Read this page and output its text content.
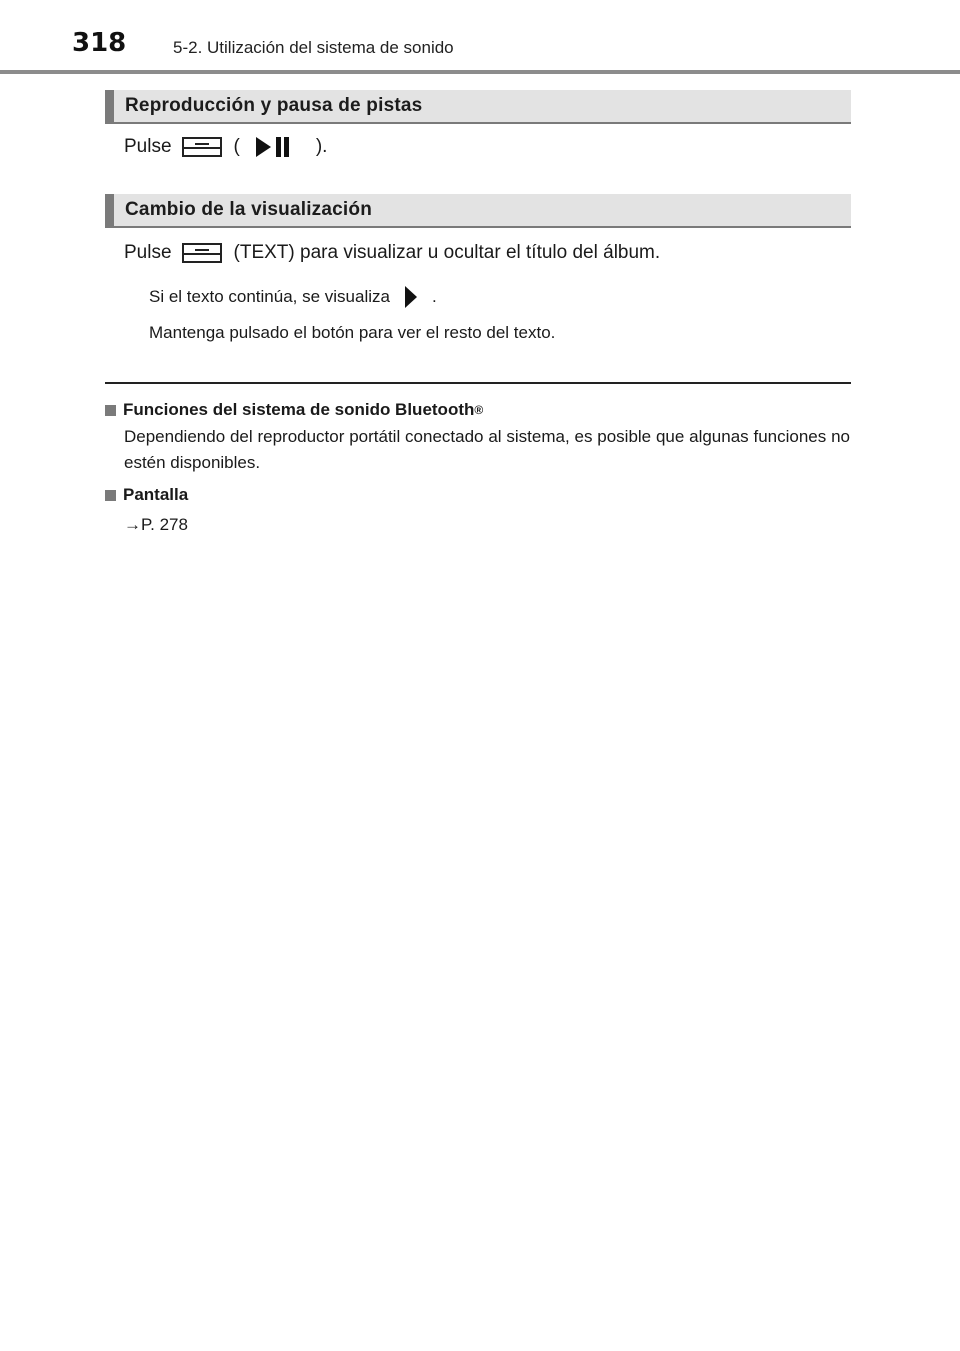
318	5-2. Utilización del sistema de sonido
Reproducción y pausa de pistas
Pulse	(	).
Cambio de la visualización
Pulse	(TEXT) para visualizar u ocultar el título del álbum.
Si el texto continúa, se visualiza .
Mantenga pulsado el botón para ver el resto del texto.
Funciones del sistema de sonido Bluetooth ®
Dependiendo del reproductor portátil conectado al sistema, es posible que algunas funciones no estén disponibles.
Pantalla
→P. 278
